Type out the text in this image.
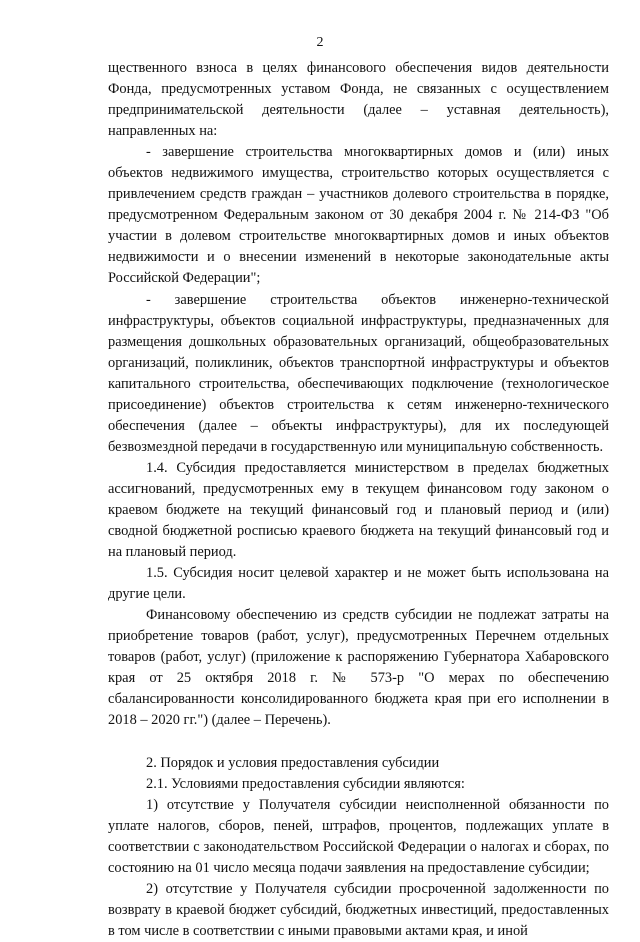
2

щественного взноса в целях финансового обеспечения видов деятельности Фонда, предусмотренных уставом Фонда, не связанных с осуществлением предпринимательской деятельности (далее – уставная деятельность), направленных на:

- завершение строительства многоквартирных домов и (или) иных объектов недвижимого имущества, строительство которых осуществляется с привлечением средств граждан – участников долевого строительства в порядке, предусмотренном Федеральным законом от 30 декабря 2004 г. № 214-ФЗ "Об участии в долевом строительстве многоквартирных домов и иных объектов недвижимости и о внесении изменений в некоторые законодательные акты Российской Федерации";

- завершение строительства объектов инженерно-технической инфраструктуры, объектов социальной инфраструктуры, предназначенных для размещения дошкольных образовательных организаций, общеобразовательных организаций, поликлиник, объектов транспортной инфраструктуры и объектов капитального строительства, обеспечивающих подключение (технологическое присоединение) объектов строительства к сетям инженерно-технического обеспечения (далее – объекты инфраструктуры), для их последующей безвозмездной передачи в государственную или муниципальную собственность.

1.4. Субсидия предоставляется министерством в пределах бюджетных ассигнований, предусмотренных ему в текущем финансовом году законом о краевом бюджете на текущий финансовый год и плановый период и (или) сводной бюджетной росписью краевого бюджета на текущий финансовый год и на плановый период.

1.5. Субсидия носит целевой характер и не может быть использована на другие цели.

Финансовому обеспечению из средств субсидии не подлежат затраты на приобретение товаров (работ, услуг), предусмотренных Перечнем отдельных товаров (работ, услуг) (приложение к распоряжению Губернатора Хабаровского края от 25 октября 2018 г. № 573-р "О мерах по обеспечению сбалансированности консолидированного бюджета края при его исполнении в 2018 – 2020 гг.") (далее – Перечень).

2. Порядок и условия предоставления субсидии

2.1. Условиями предоставления субсидии являются:

1) отсутствие у Получателя субсидии неисполненной обязанности по уплате налогов, сборов, пеней, штрафов, процентов, подлежащих уплате в соответствии с законодательством Российской Федерации о налогах и сборах, по состоянию на 01 число месяца подачи заявления на предоставление субсидии;

2) отсутствие у Получателя субсидии просроченной задолженности по возврату в краевой бюджет субсидий, бюджетных инвестиций, предоставленных в том числе в соответствии с иными правовыми актами края, и иной
